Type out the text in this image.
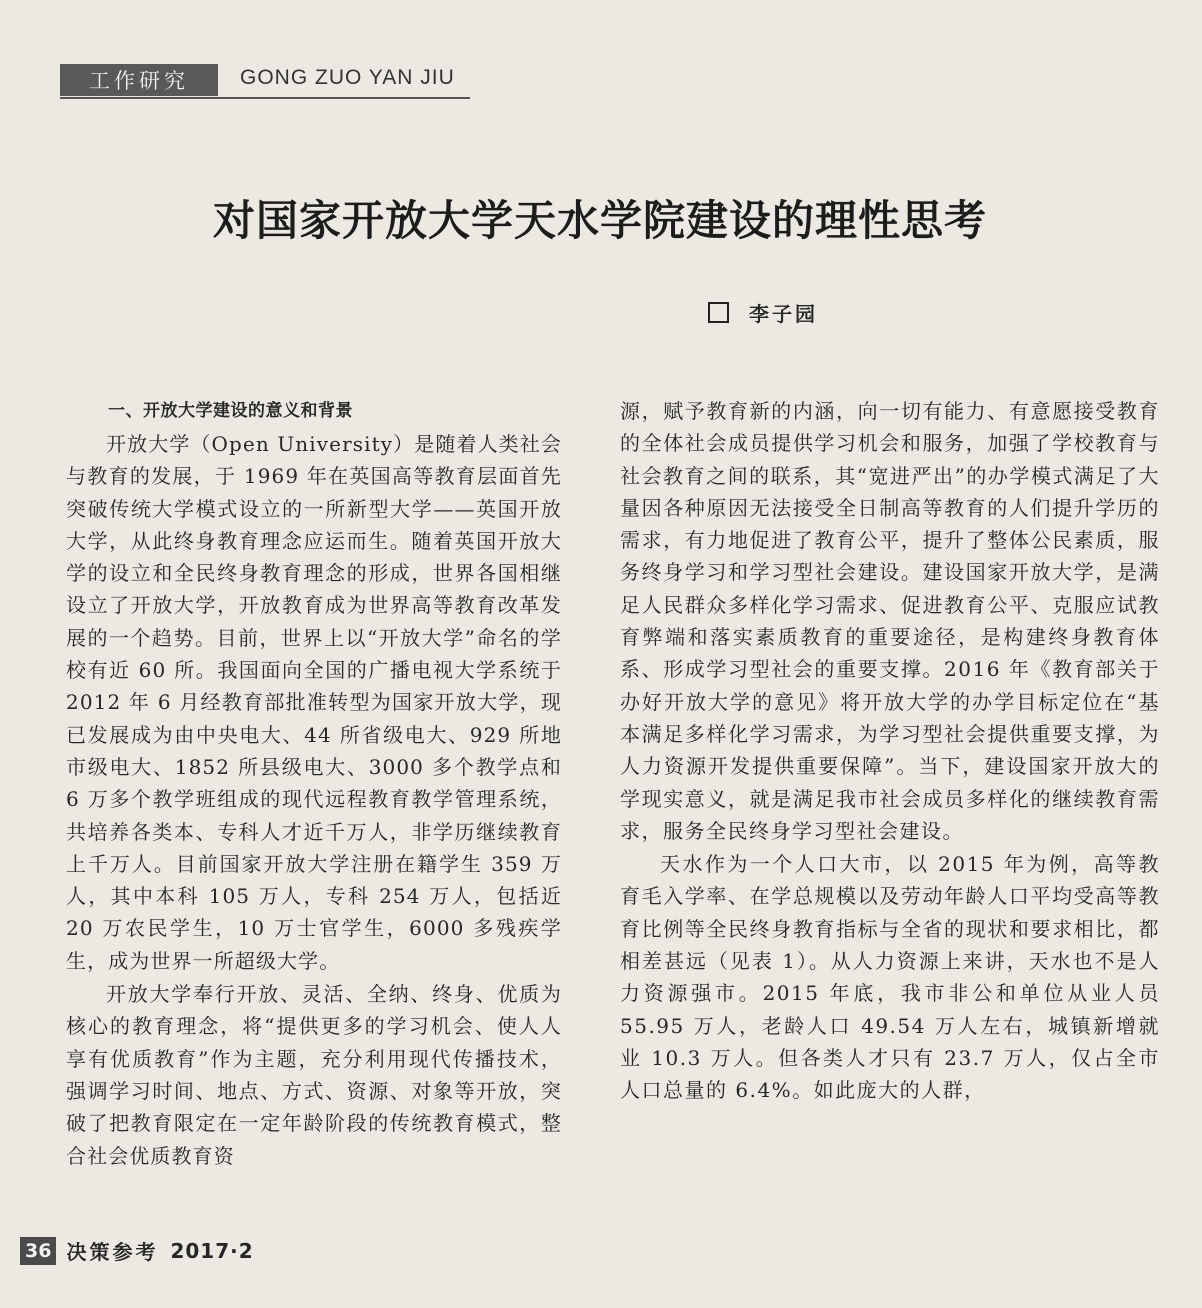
工作研究	GONG ZUO YAN JIU
对国家开放大学天水学院建设的理性思考
李子园
一、开放大学建设的意义和背景

开放大学（Open University）是随着人类社会与教育的发展，于 1969 年在英国高等教育层面首先突破传统大学模式设立的一所新型大学——英国开放大学，从此终身教育理念应运而生。随着英国开放大学的设立和全民终身教育理念的形成，世界各国相继设立了开放大学，开放教育成为世界高等教育改革发展的一个趋势。目前，世界上以“开放大学”命名的学校有近 60 所。我国面向全国的广播电视大学系统于 2012 年 6 月经教育部批准转型为国家开放大学，现已发展成为由中央电大、44 所省级电大、929 所地市级电大、1852 所县级电大、3000 多个教学点和 6 万多个教学班组成的现代远程教育教学管理系统，共培养各类本、专科人才近千万人，非学历继续教育上千万人。目前国家开放大学注册在籍学生 359 万人，其中本科 105 万人，专科 254 万人，包括近 20 万农民学生，10 万士官学生，6000 多残疾学生，成为世界一所超级大学。

开放大学奉行开放、灵活、全纳、终身、优质为核心的教育理念，将“提供更多的学习机会、使人人享有优质教育”作为主题，充分利用现代传播技术，强调学习时间、地点、方式、资源、对象等开放，突破了把教育限定在一定年龄阶段的传统教育模式，整合社会优质教育资

源，赋予教育新的内涵，向一切有能力、有意愿接受教育的全体社会成员提供学习机会和服务，加强了学校教育与社会教育之间的联系，其“宽进严出”的办学模式满足了大量因各种原因无法接受全日制高等教育的人们提升学历的需求，有力地促进了教育公平，提升了整体公民素质，服务终身学习和学习型社会建设。建设国家开放大学，是满足人民群众多样化学习需求、促进教育公平、克服应试教育弊端和落实素质教育的重要途径，是构建终身教育体系、形成学习型社会的重要支撑。2016 年《教育部关于办好开放大学的意见》将开放大学的办学目标定位在“基本满足多样化学习需求，为学习型社会提供重要支撑，为人力资源开发提供重要保障”。当下，建设国家开放大的学现实意义，就是满足我市社会成员多样化的继续教育需求，服务全民终身学习型社会建设。

天水作为一个人口大市，以 2015 年为例，高等教育毛入学率、在学总规模以及劳动年龄人口平均受高等教育比例等全民终身教育指标与全省的现状和要求相比，都相差甚远（见表 1）。从人力资源上来讲，天水也不是人力资源强市。2015 年底，我市非公和单位从业人员 55.95 万人，老龄人口 49.54 万人左右，城镇新增就业 10.3 万人。但各类人才只有 23.7 万人，仅占全市人口总量的 6.4%。如此庞大的人群，

36 决策参考 2017·2
